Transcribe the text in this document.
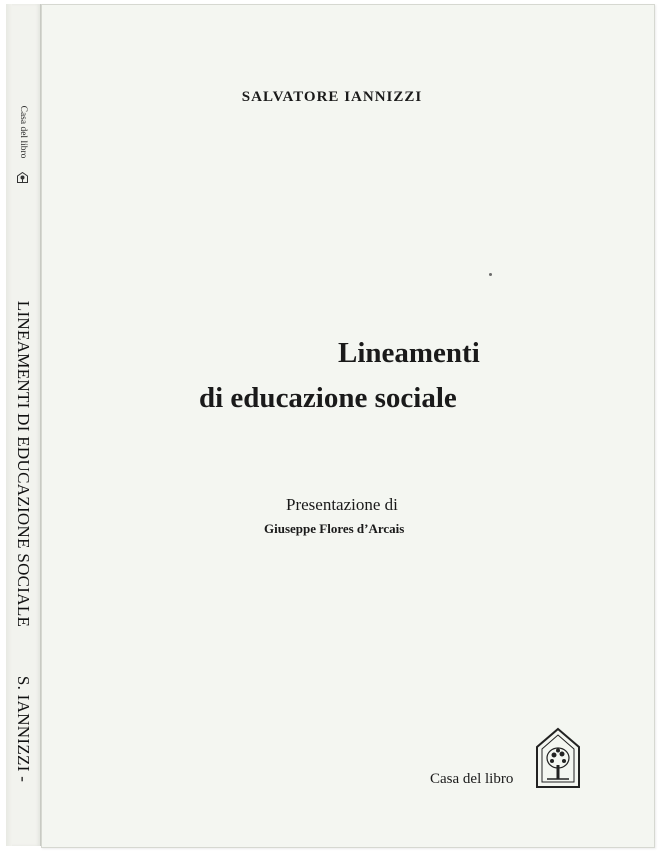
Casa del libro
LINEAMENTI DI EDUCAZIONE SOCIALE
S. IANNIZZI -
SALVATORE IANNIZZI
Lineamenti
di educazione sociale
Presentazione di
Giuseppe Flores d’Arcais
Casa del libro
